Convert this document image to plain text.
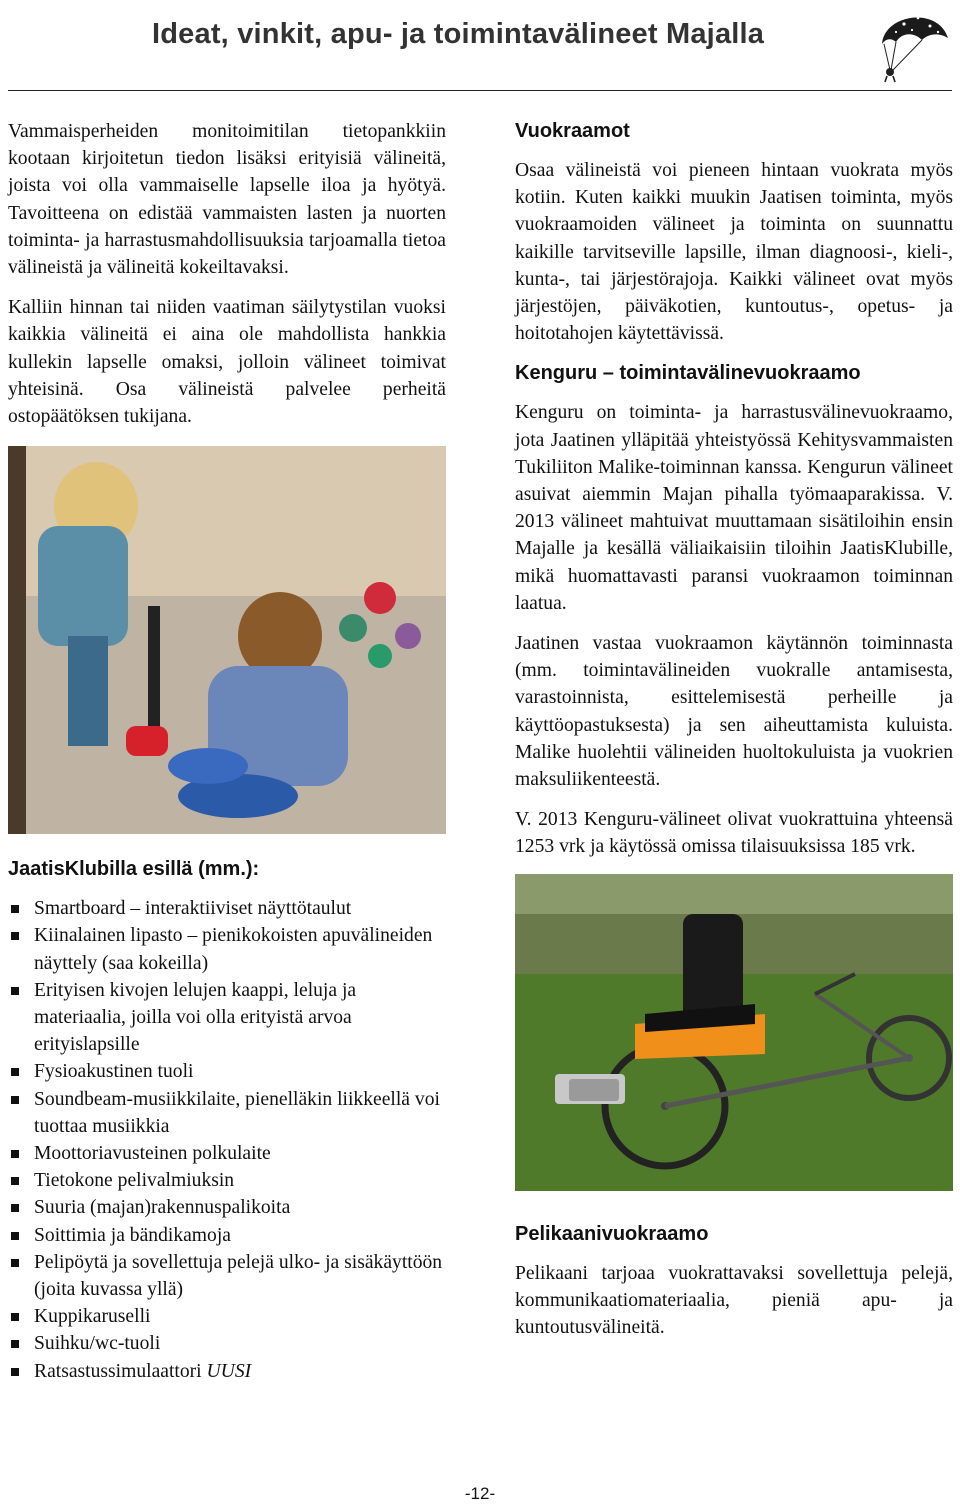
Ideat, vinkit, apu- ja toimintavälineet Majalla

Vammaisperheiden monitoimitilan tietopankkiin kootaan kirjoitetun tiedon lisäksi erityisiä välineitä, joista voi olla vammaiselle lapselle iloa ja hyötyä. Tavoitteena on edistää vammaisten lasten ja nuorten toiminta- ja harrastusmahdollisuuksia tarjoamalla tietoa välineistä ja välineitä kokeiltavaksi.

Kalliin hinnan tai niiden vaatiman säilytystilan vuoksi kaikkia välineitä ei aina ole mahdollista hankkia kullekin lapselle omaksi, jolloin välineet toimivat yhteisinä. Osa välineistä palvelee perheitä ostopäätöksen tukijana.

JaatisKlubilla esillä (mm.):
Smartboard – interaktiiviset näyttötaulut
Kiinalainen lipasto – pienikokoisten apuvälineiden näyttely (saa kokeilla)
Erityisen kivojen lelujen kaappi, leluja ja materiaalia, joilla voi olla erityistä arvoa erityislapsille
Fysioakustinen tuoli
Soundbeam-musiikkilaite, pienelläkin liikkeellä voi tuottaa musiikkia
Moottoriavusteinen polkulaite
Tietokone pelivalmiuksin
Suuria (majan)rakennuspalikoita
Soittimia ja bändikamoja
Pelipöytä ja sovellettuja pelejä ulko- ja sisäkäyttöön (joita kuvassa yllä)
Kuppikaruselli
Suihku/wc-tuoli
Ratsastussimulaattori UUSI
Vuokraamot

Osaa välineistä voi pieneen hintaan vuokrata myös kotiin. Kuten kaikki muukin Jaatisen toiminta, myös vuokraamoiden välineet ja toiminta on suunnattu kaikille tarvitseville lapsille, ilman diagnoosi-, kieli-, kunta-, tai järjestörajoja. Kaikki välineet ovat myös järjestöjen, päiväkotien, kuntoutus-, opetus- ja hoitotahojen käytettävissä.

Kenguru – toimintavälinevuokraamo

Kenguru on toiminta- ja harrastusvälinevuokraamo, jota Jaatinen ylläpitää yhteistyössä Kehitysvammaisten Tukiliiton Malike-toiminnan kanssa. Kengurun välineet asuivat aiemmin Majan pihalla työmaaparakissa. V. 2013 välineet mahtuivat muuttamaan sisätiloihin ensin Majalle ja kesällä väliaikaisiin tiloihin JaatisKlubille, mikä huomattavasti paransi vuokraamon toiminnan laatua.

Jaatinen vastaa vuokraamon käytännön toiminnasta (mm. toimintavälineiden vuokralle antamisesta, varastoinnista, esittelemisestä perheille ja käyttöopastuksesta) ja sen aiheuttamista kuluista. Malike huolehtii välineiden huoltokuluista ja vuokrien maksuliikenteestä.

V. 2013 Kenguru-välineet olivat vuokrattuina yhteensä 1253 vrk ja käytössä omissa tilaisuuksissa 185 vrk.

Pelikaanivuokraamo

Pelikaani tarjoaa vuokrattavaksi sovellettuja pelejä, kommunikaatiomateriaalia, pieniä apu- ja kuntoutusvälineitä.

-12-
